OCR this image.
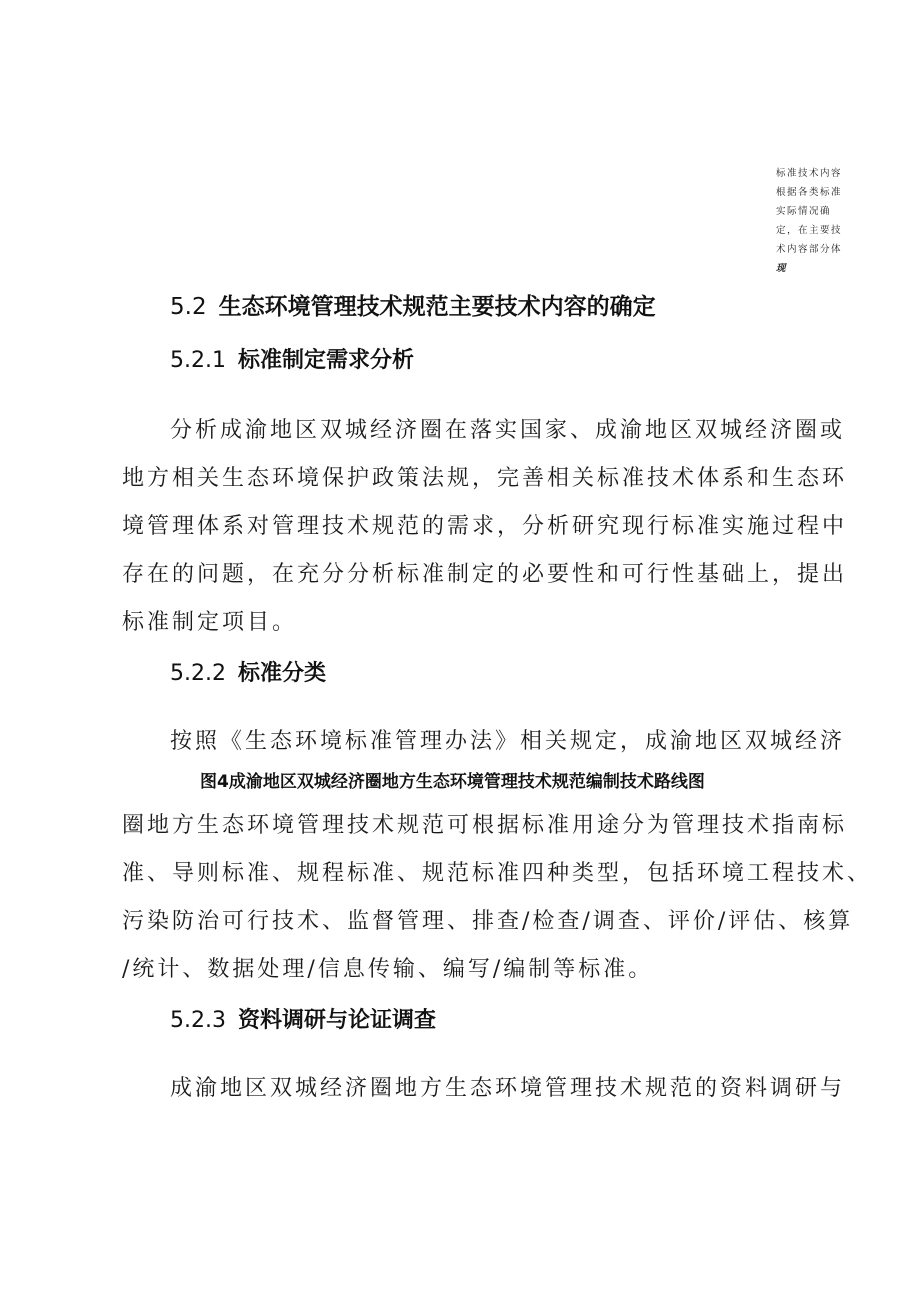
标准技术内容
根据各类标准
实际情况确
定，在主要技
术内容部分体
现
5.2 生态环境管理技术规范主要技术内容的确定
5.2.1 标准制定需求分析
分析成渝地区双城经济圈在落实国家、成渝地区双城经济圈或
地方相关生态环境保护政策法规，完善相关标准技术体系和生态环
境管理体系对管理技术规范的需求，分析研究现行标准实施过程中
存在的问题，在充分分析标准制定的必要性和可行性基础上，提出
标准制定项目。
5.2.2 标准分类
按照《生态环境标准管理办法》相关规定，成渝地区双城经济
图4成渝地区双城经济圈地方生态环境管理技术规范编制技术路线图
圈地方生态环境管理技术规范可根据标准用途分为管理技术指南标
准、导则标准、规程标准、规范标准四种类型，包括环境工程技术、
污染防治可行技术、监督管理、排查/检查/调查、评价/评估、核算
/统计、数据处理/信息传输、编写/编制等标准。
5.2.3 资料调研与论证调查
成渝地区双城经济圈地方生态环境管理技术规范的资料调研与
